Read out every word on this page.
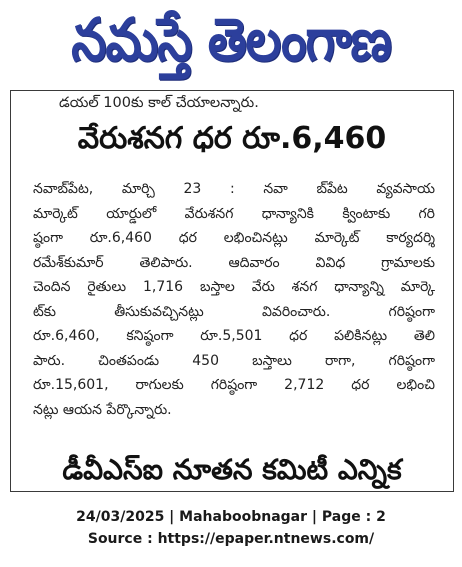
నమస్తే తెలంగాణ
డయల్ 100కు కాల్ చేయాలన్నారు.
వేరుశనగ ధర రూ.6,460
నవాబ్‌పేట, మార్చి 23 : నవా బ్‌పేట వ్యవసాయ
మార్కెట్ యార్డులో వేరుశనగ ధాన్యానికి క్వింటాకు గరి
ష్ఠంగా రూ.6,460 ధర లభించినట్లు మార్కెట్ కార్యదర్శి
రమేశ్‌కుమార్ తెలిపారు. ఆదివారం వివిధ గ్రామాలకు
చెందిన రైతులు 1,716 బస్తాల వేరు శనగ ధాన్యాన్ని మార్కె
ట్‌కు తీసుకువచ్చినట్లు వివరించారు. గరిష్ఠంగా
రూ.6,460, కనిష్ఠంగా రూ.5,501 ధర పలికినట్లు తెలి
పారు. చింతపండు 450 బస్తాలు రాగా, గరిష్ఠంగా
రూ.15,601, రాగులకు గరిష్ఠంగా 2,712 ధర లభించి
నట్లు ఆయన పేర్కొన్నారు.
డీవీఎస్‌ఐ నూతన కమిటీ ఎన్నిక
24/03/2025 | Mahaboobnagar | Page : 2
Source : https://epaper.ntnews.com/
